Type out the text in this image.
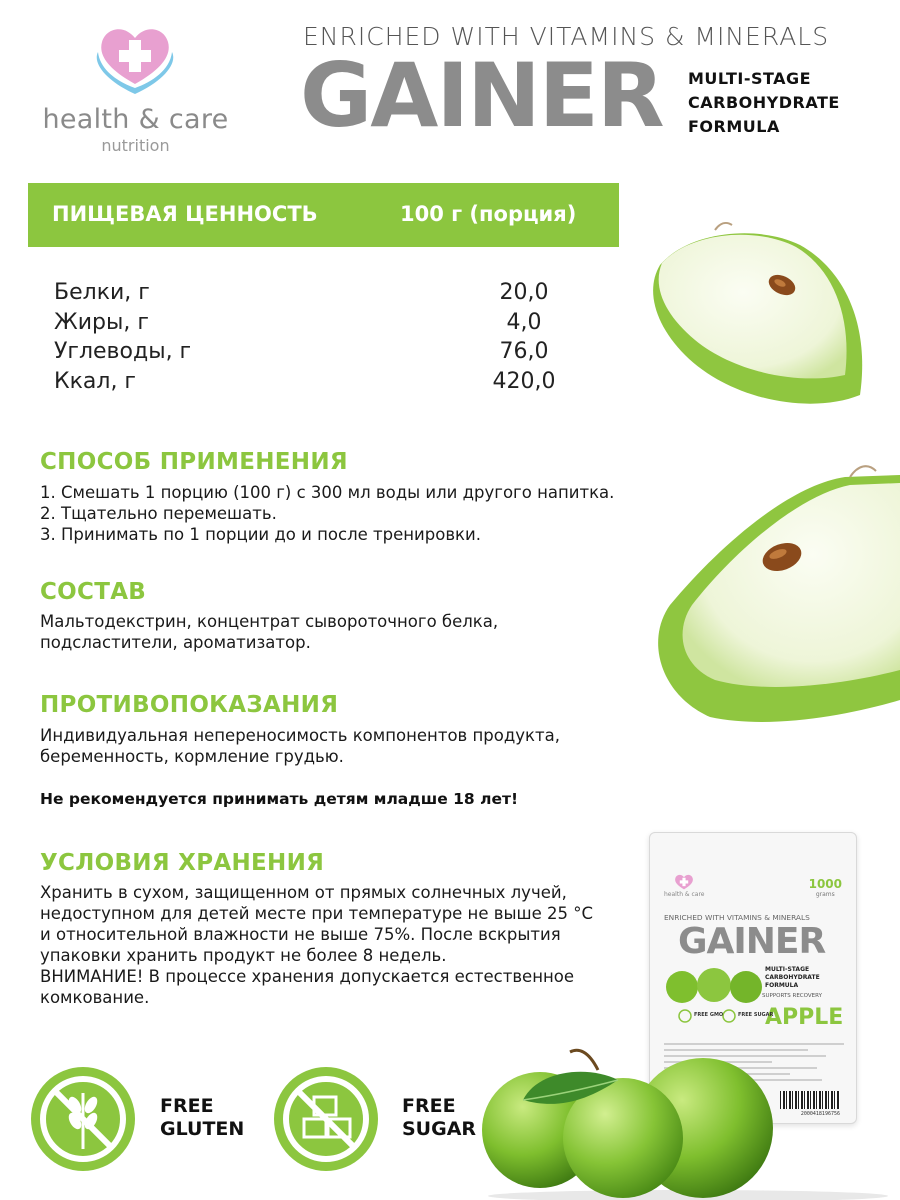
health & care
nutrition
ENRICHED WITH VITAMINS & MINERALS
GAINER MULTI-STAGE
CARBOHYDRATE
FORMULA
ПИЩЕВАЯ ЦЕННОСТЬ	100 г (порция)
Белки, г	20,0
Жиры, г	4,0
Углеводы, г	76,0
Ккал, г	420,0
СПОСОБ ПРИМЕНЕНИЯ
1. Смешать 1 порцию (100 г) с 300 мл воды или другого напитка.
2. Тщательно перемешать.
3. Принимать по 1 порции до и после тренировки.
СОСТАВ
Мальтодекстрин, концентрат сывороточного белка,
подсластители, ароматизатор.
ПРОТИВОПОКАЗАНИЯ
Индивидуальная непереносимость компонентов продукта,
беременность, кормление грудью.
Не рекомендуется принимать детям младше 18 лет!
УСЛОВИЯ ХРАНЕНИЯ
Хранить в сухом, защищенном от прямых солнечных лучей,
недоступном для детей месте при температуре не выше 25 °C
и относительной влажности не выше 75%. После вскрытия
упаковки хранить продукт не более 8 недель.
ВНИМАНИЕ! В процессе хранения допускается естественное
комкование.
health & care
1000
grams
ENRICHED WITH VITAMINS & MINERALS
GAINER
MULTI-STAGE
CARBOHYDRATE
FORMULA
SUPPORTS RECOVERY
APPLE
FREE GMO	FREE SUGAR
2000418196756
FREE
GLUTEN
FREE
SUGAR
